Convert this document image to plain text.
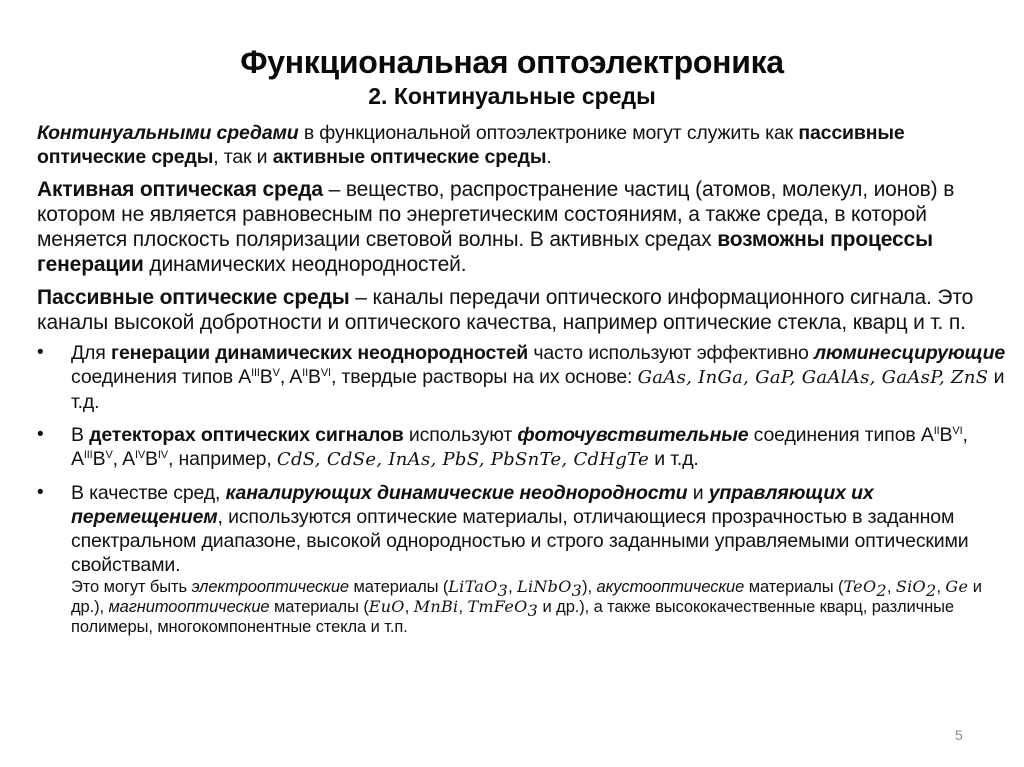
Функциональная оптоэлектроника
2. Континуальные среды

Континуальными средами в функциональной оптоэлектронике могут служить как пассивные оптические среды, так и активные оптические среды.

Активная оптическая среда – вещество, распространение частиц (атомов, молекул, ионов) в котором не является равновесным по энергетическим состояниям, а также среда, в которой меняется плоскость поляризации световой волны. В активных средах возможны процессы генерации динамических неоднородностей.

Пассивные оптические среды – каналы передачи оптического информационного сигнала. Это каналы высокой добротности и оптического качества, например оптические стекла, кварц и т. п.

• Для генерации динамических неоднородностей часто используют эффективно люминесцирующие соединения типов $A^{III}B^V$, $A^{II}B^{VI}$, твердые растворы на их основе: GaAs, InGa, GaP, GaAlAs, GaAsP, ZnS и т.д.
• В детекторах оптических сигналов используют фоточувствительные соединения типов $A^{II}B^{VI}$, $A^{III}B^V$, $A^{IV}B^{IV}$, например, CdS, CdSe, InAs, PbS, PbSnTe, CdHgTe и т.д.
• В качестве сред, каналирующих динамические неоднородности и управляющих их перемещением, используются оптические материалы, отличающиеся прозрачностью в заданном спектральном диапазоне, высокой однородностью и строго заданными управляемыми оптическими свойствами.
Это могут быть электрооптические материалы (LiTaO$_3$, LiNbO$_3$), акустооптические материалы (TeO$_2$, SiO$_2$, Ge и др.), магнитооптические материалы (EuO, MnBi, TmFeO$_3$ и др.), а также высококачественные кварц, различные полимеры, многокомпонентные стекла и т.п.
5
